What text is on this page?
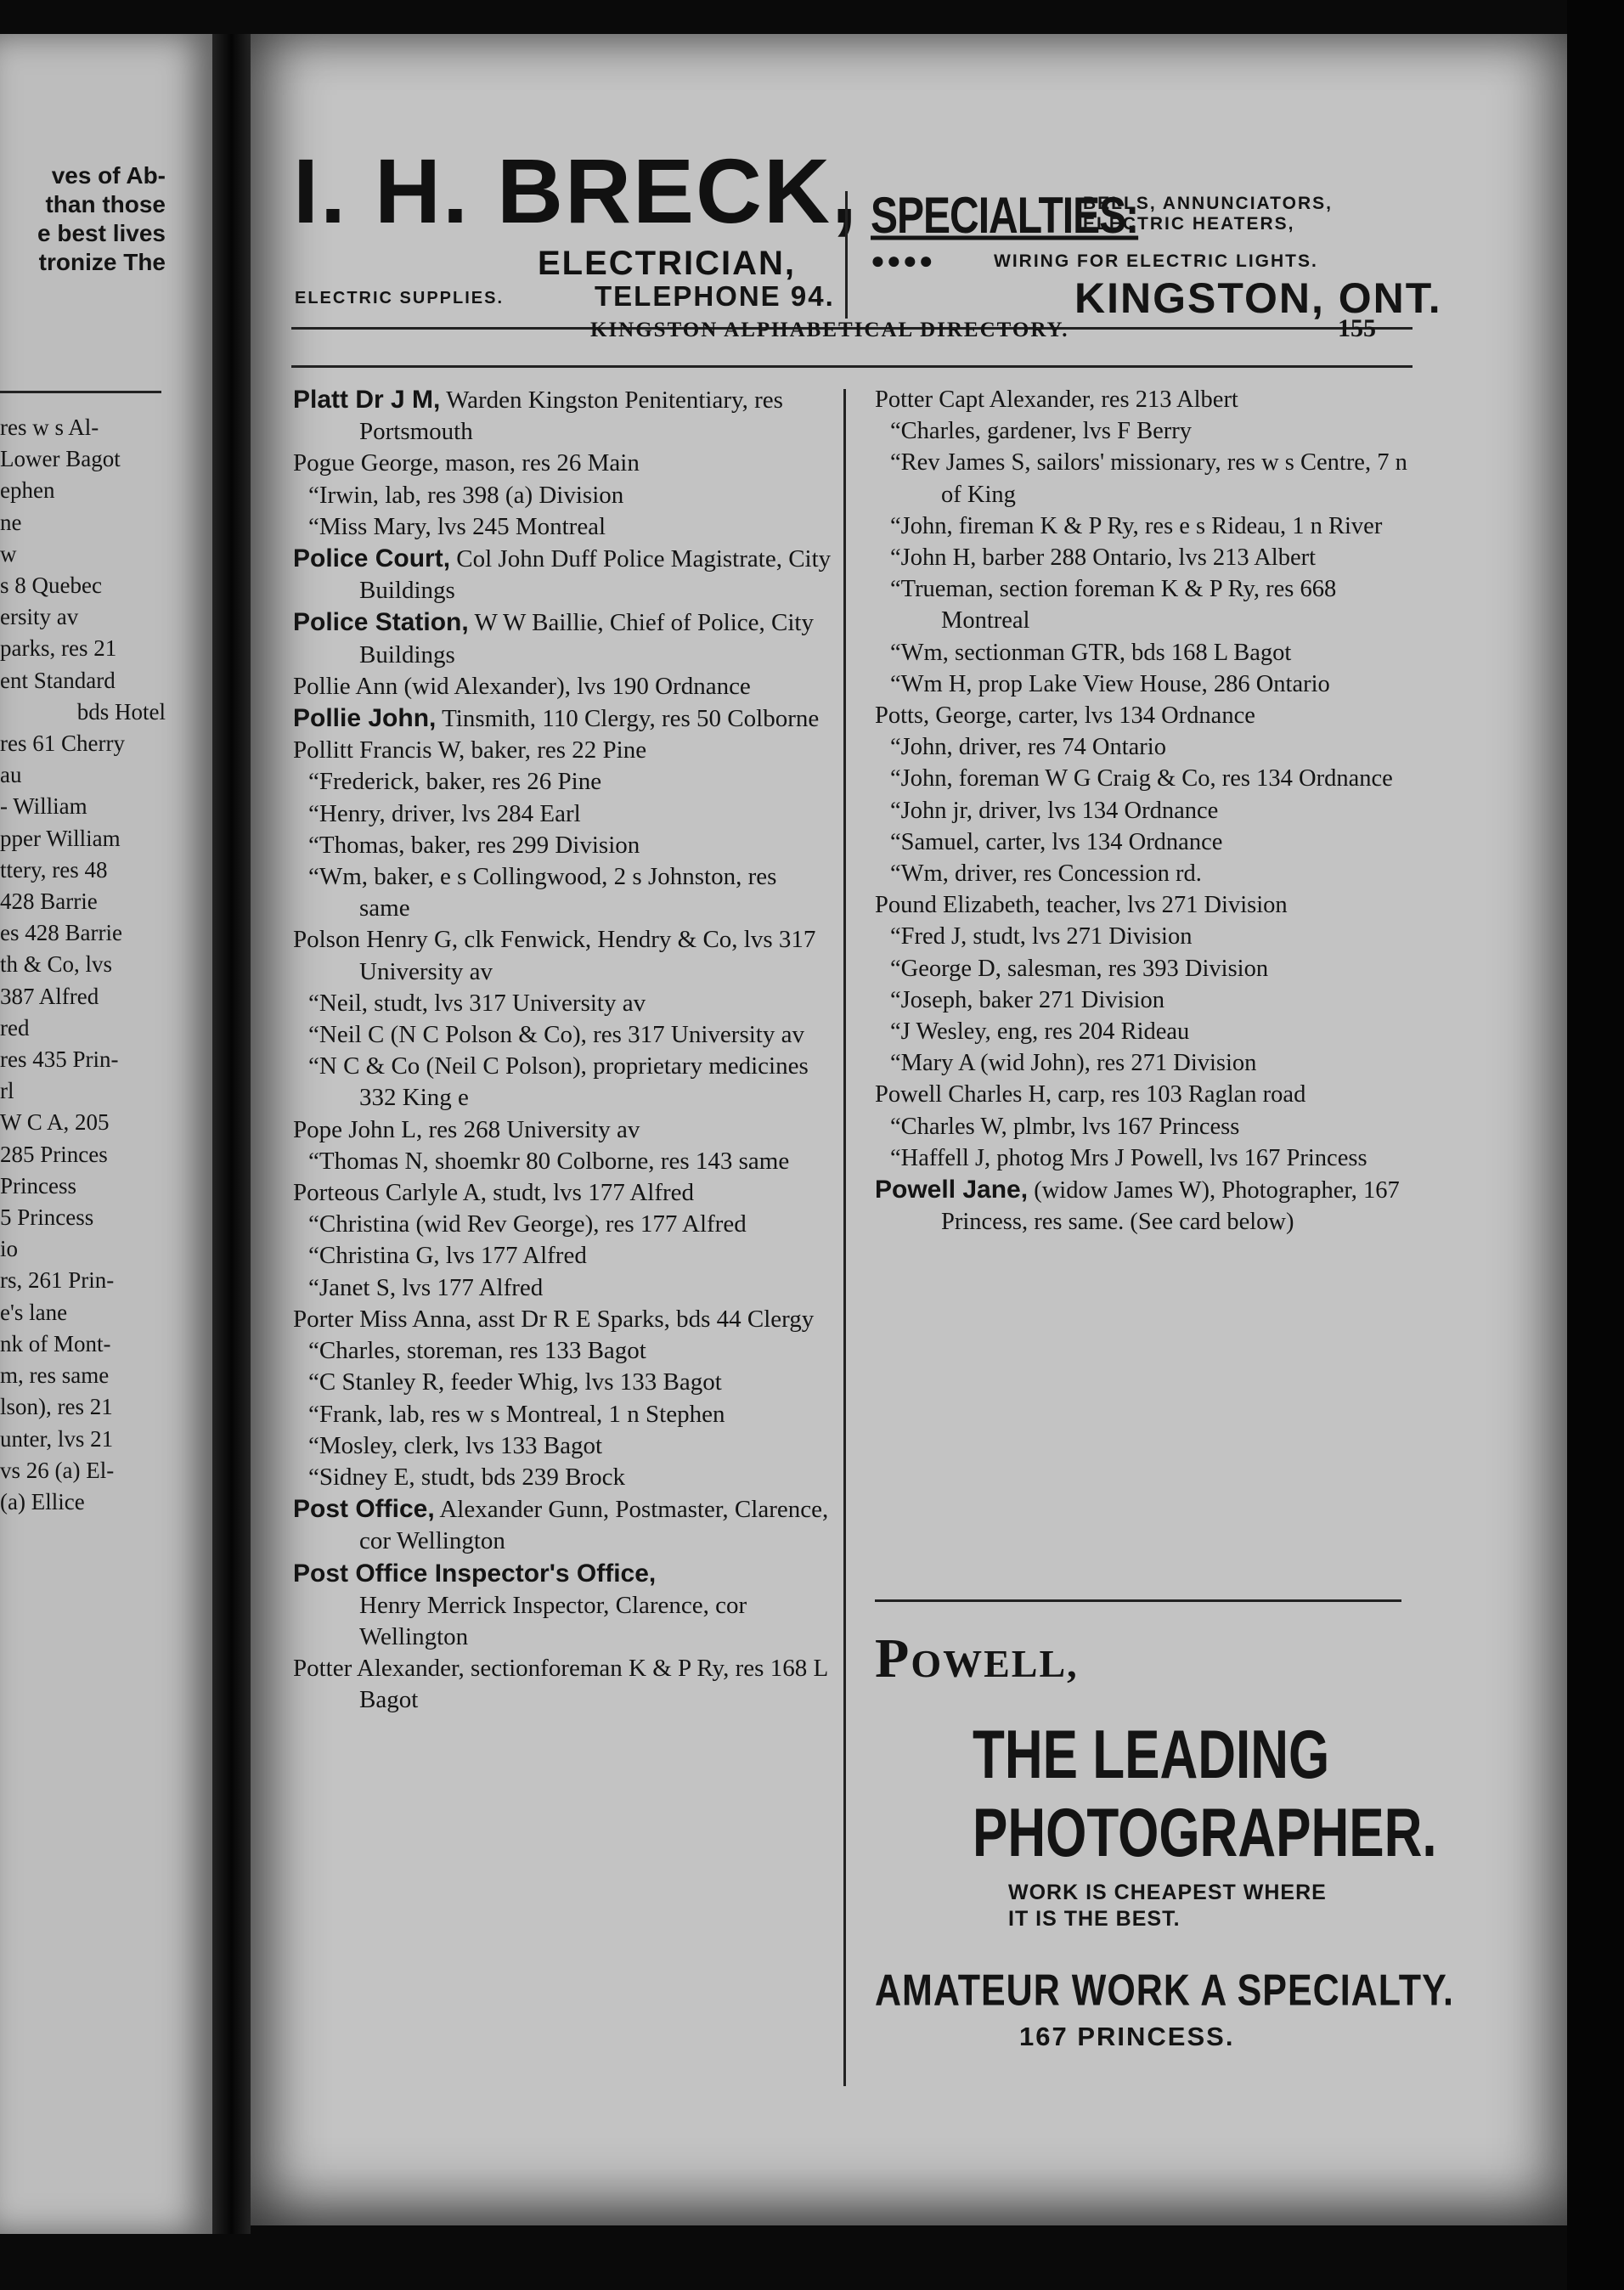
ves of Ab-
than those
e best lives
tronize The
res w s Al-
Lower Bagot
ephen
ne
w
s 8 Quebec
ersity av
parks, res 21
ent Standard
bds Hotel
res 61 Cherry
au
- William
pper William
ttery, res 48
428 Barrie
es 428 Barrie
th & Co, lvs
387 Alfred
red
res 435 Prin-
rl
W C A, 205
285 Princes
Princess
5 Princess
io
rs, 261 Prin-
e's lane
nk of Mont-
m, res same
lson), res 21
unter, lvs 21
vs 26 (a) El-
(a) Ellice
I. H. BRECK,
ELECTRICIAN,
ELECTRIC SUPPLIES.	TELEPHONE 94.
SPECIALTIES:
BELLS, ANNUNCIATORS,
ELECTRIC HEATERS,
●●●●	WIRING FOR ELECTRIC LIGHTS.
KINGSTON, ONT.
KINGSTON ALPHABETICAL DIRECTORY.	155
Platt Dr J M, Warden Kingston Penitentiary, res Portsmouth
Pogue George, mason, res 26 Main
“Irwin, lab, res 398 (a) Division
“Miss Mary, lvs 245 Montreal
Police Court, Col John Duff Police Magistrate, City Buildings
Police Station, W W Baillie, Chief of Police, City Buildings
Pollie Ann (wid Alexander), lvs 190 Ordnance
Pollie John, Tinsmith, 110 Clergy, res 50 Colborne
Pollitt Francis W, baker, res 22 Pine
“Frederick, baker, res 26 Pine
“Henry, driver, lvs 284 Earl
“Thomas, baker, res 299 Division
“Wm, baker, e s Collingwood, 2 s Johnston, res same
Polson Henry G, clk Fenwick, Hendry & Co, lvs 317 University av
“Neil, studt, lvs 317 University av
“Neil C (N C Polson & Co), res 317 University av
“N C & Co (Neil C Polson), proprietary medicines 332 King e
Pope John L, res 268 University av
“Thomas N, shoemkr 80 Colborne, res 143 same
Porteous Carlyle A, studt, lvs 177 Alfred
“Christina (wid Rev George), res 177 Alfred
“Christina G, lvs 177 Alfred
“Janet S, lvs 177 Alfred
Porter Miss Anna, asst Dr R E Sparks, bds 44 Clergy
“Charles, storeman, res 133 Bagot
“C Stanley R, feeder Whig, lvs 133 Bagot
“Frank, lab, res w s Montreal, 1 n Stephen
“Mosley, clerk, lvs 133 Bagot
“Sidney E, studt, bds 239 Brock
Post Office, Alexander Gunn, Postmaster, Clarence, cor Wellington
Post Office Inspector's Office,
Henry Merrick Inspector, Clarence, cor Wellington
Potter Alexander, sectionforeman K & P Ry, res 168 L Bagot
Potter Capt Alexander, res 213 Albert
“Charles, gardener, lvs F Berry
“Rev James S, sailors' missionary, res w s Centre, 7 n of King
“John, fireman K & P Ry, res e s Rideau, 1 n River
“John H, barber 288 Ontario, lvs 213 Albert
“Trueman, section foreman K & P Ry, res 668 Montreal
“Wm, sectionman GTR, bds 168 L Bagot
“Wm H, prop Lake View House, 286 Ontario
Potts, George, carter, lvs 134 Ordnance
“John, driver, res 74 Ontario
“John, foreman W G Craig & Co, res 134 Ordnance
“John jr, driver, lvs 134 Ordnance
“Samuel, carter, lvs 134 Ordnance
“Wm, driver, res Concession rd.
Pound Elizabeth, teacher, lvs 271 Division
“Fred J, studt, lvs 271 Division
“George D, salesman, res 393 Division
“Joseph, baker 271 Division
“J Wesley, eng, res 204 Rideau
“Mary A (wid John), res 271 Division
Powell Charles H, carp, res 103 Raglan road
“Charles W, plmbr, lvs 167 Princess
“Haffell J, photog Mrs J Powell, lvs 167 Princess
Powell Jane, (widow James W), Photographer, 167 Princess, res same. (See card below)
POWELL,
THE LEADING
PHOTOGRAPHER.
WORK IS CHEAPEST WHERE
IT IS THE BEST.
AMATEUR WORK A SPECIALTY.
167 PRINCESS.
